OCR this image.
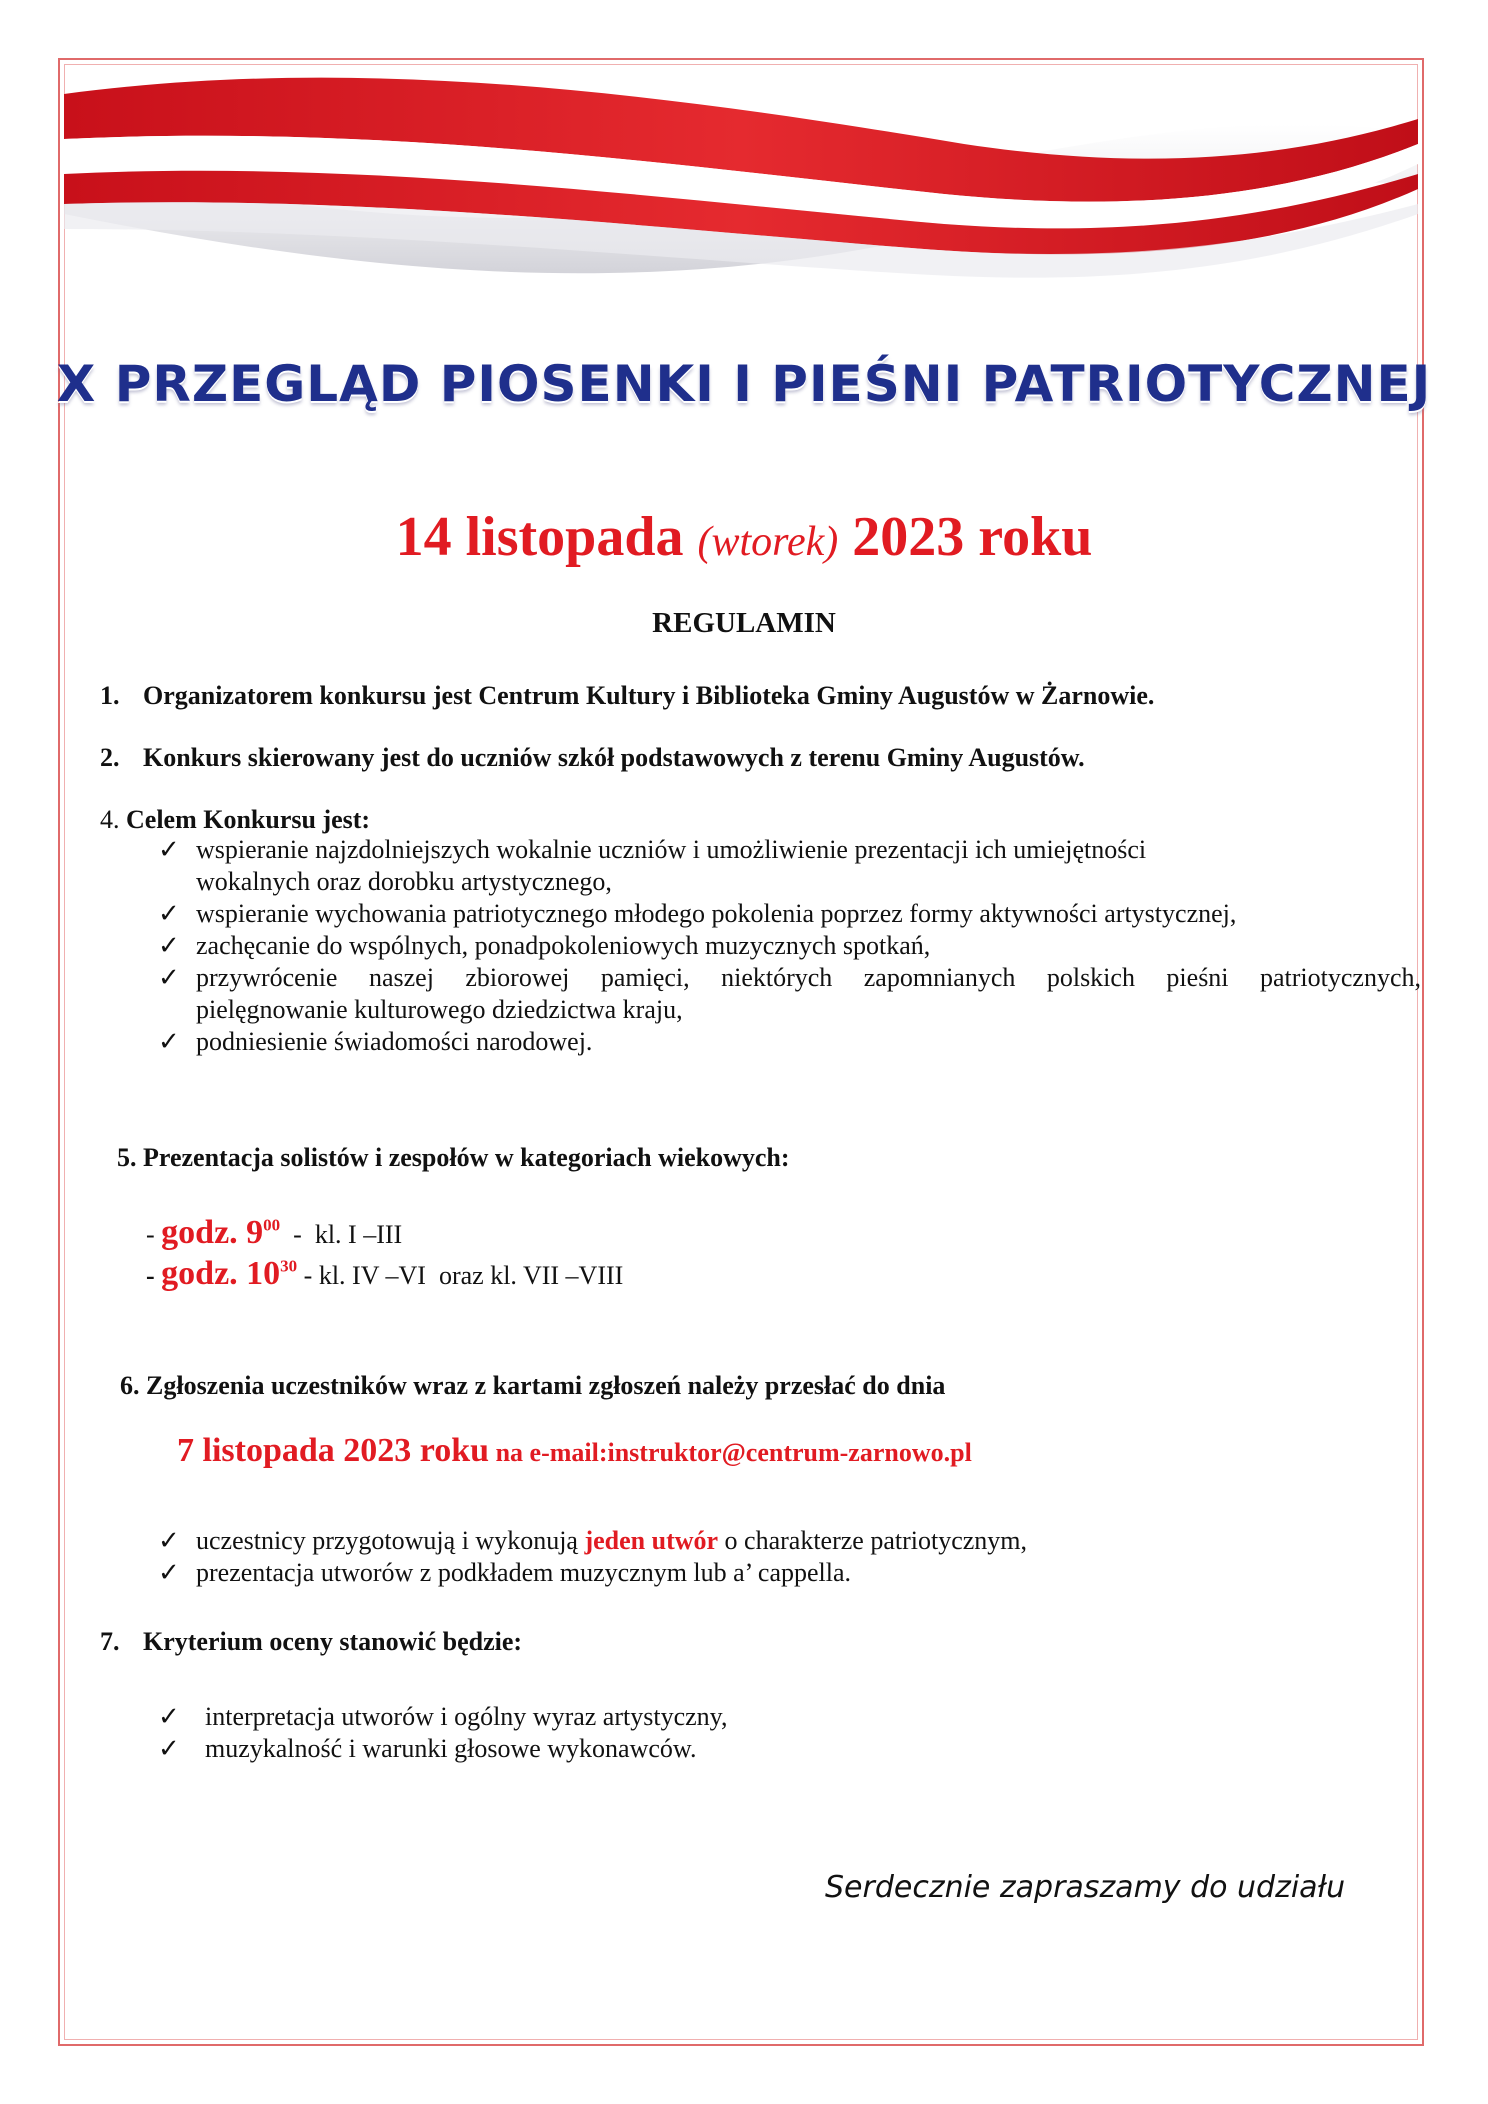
X PRZEGLĄD PIOSENKI I PIEŚNI PATRIOTYCZNEJ
14 listopada (wtorek) 2023 roku
REGULAMIN
1. Organizatorem konkursu jest Centrum Kultury i Biblioteka Gminy Augustów w Żarnowie.
2. Konkurs skierowany jest do uczniów szkół podstawowych z terenu Gminy Augustów.
4. Celem Konkursu jest:
✓ wspieranie najzdolniejszych wokalnie uczniów i umożliwienie prezentacji ich umiejętności
wokalnych oraz dorobku artystycznego,
✓ wspieranie wychowania patriotycznego młodego pokolenia poprzez formy aktywności artystycznej,
✓ zachęcanie do wspólnych, ponadpokoleniowych muzycznych spotkań,
✓ przywrócenie naszej zbiorowej pamięci, niektórych zapomnianych polskich pieśni patriotycznych,
pielęgnowanie kulturowego dziedzictwa kraju,
✓ podniesienie świadomości narodowej.
5. Prezentacja solistów i zespołów w kategoriach wiekowych:
- godz. $9^{00}$  -  kl. I –III
- godz. $10^{30}$ - kl. IV –VI  oraz kl. VII –VIII
6. Zgłoszenia uczestników wraz z kartami zgłoszeń należy przesłać do dnia
7 listopada 2023 roku na e-mail:instruktor@centrum-zarnowo.pl
✓ uczestnicy przygotowują i wykonują jeden utwór o charakterze patriotycznym,
✓ prezentacja utworów z podkładem muzycznym lub a’ cappella.
7. Kryterium oceny stanowić będzie:
✓ interpretacja utworów i ogólny wyraz artystyczny,
✓ muzykalność i warunki głosowe wykonawców.
Serdecznie zapraszamy do udziału
